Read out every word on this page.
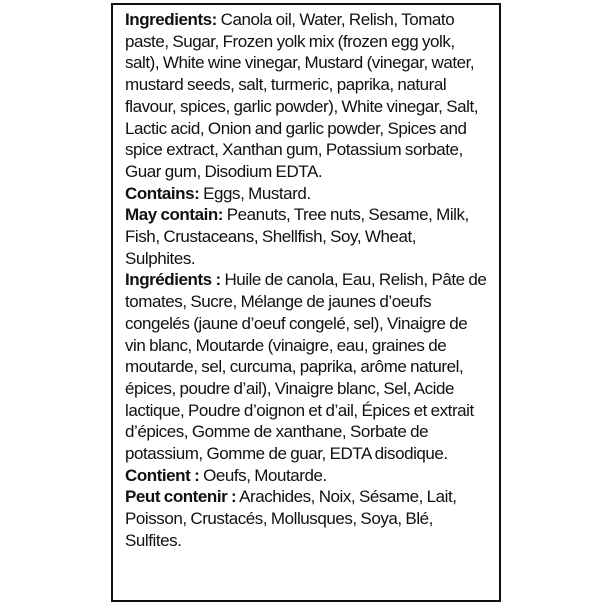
Ingredients: Canola oil, Water, Relish, Tomato paste, Sugar, Frozen yolk mix (frozen egg yolk, salt), White wine vinegar, Mustard (vinegar, water, mustard seeds, salt, turmeric, paprika, natural flavour, spices, garlic powder), White vinegar, Salt, Lactic acid, Onion and garlic powder, Spices and spice extract, Xanthan gum, Potassium sorbate, Guar gum, Disodium EDTA.

Contains: Eggs, Mustard.

May contain: Peanuts, Tree nuts, Sesame, Milk, Fish, Crustaceans, Shellfish, Soy, Wheat, Sulphites.

Ingrédients : Huile de canola, Eau, Relish, Pâte de tomates, Sucre, Mélange de jaunes d’oeufs congelés (jaune d’oeuf congelé, sel), Vinaigre de vin blanc, Moutarde (vinaigre, eau, graines de moutarde, sel, curcuma, paprika, arôme naturel, épices, poudre d’ail), Vinaigre blanc, Sel, Acide lactique, Poudre d’oignon et d’ail, Épices et extrait d’épices, Gomme de xanthane, Sorbate de potassium, Gomme de guar, EDTA disodique.

Contient : Oeufs, Moutarde.

Peut contenir : Arachides, Noix, Sésame, Lait, Poisson, Crustacés, Mollusques, Soya, Blé, Sulfites.
